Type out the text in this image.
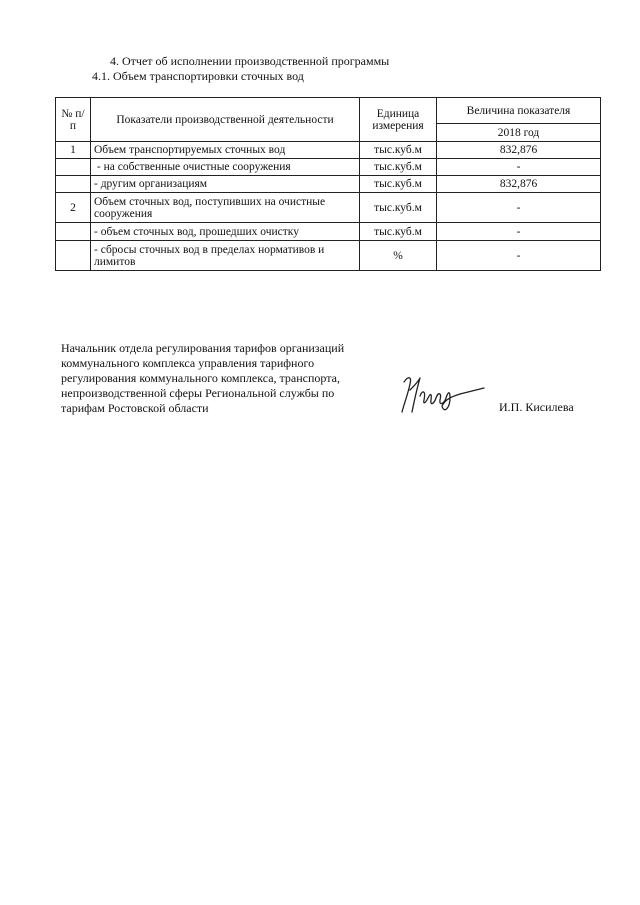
4. Отчет об исполнении производственной программы
4.1. Объем транспортировки сточных вод
№ п/п	Показатели производственной деятельности	Единица измерения	Величина показателя
			2018 год
1	Объем транспортируемых сточных вод	тыс.куб.м	832,876
	- на собственные очистные сооружения	тыс.куб.м	-
	- другим организациям	тыс.куб.м	832,876
2	Объем сточных вод, поступивших на очистные сооружения	тыс.куб.м	-
	- объем сточных вод, прошедших очистку	тыс.куб.м	-
	- сбросы сточных вод в пределах нормативов и лимитов	%	-
Начальник отдела регулирования тарифов организаций коммунального комплекса управления тарифного регулирования коммунального комплекса, транспорта, непроизводственной сферы Региональной службы по тарифам Ростовской области	И.П. Кисилева
